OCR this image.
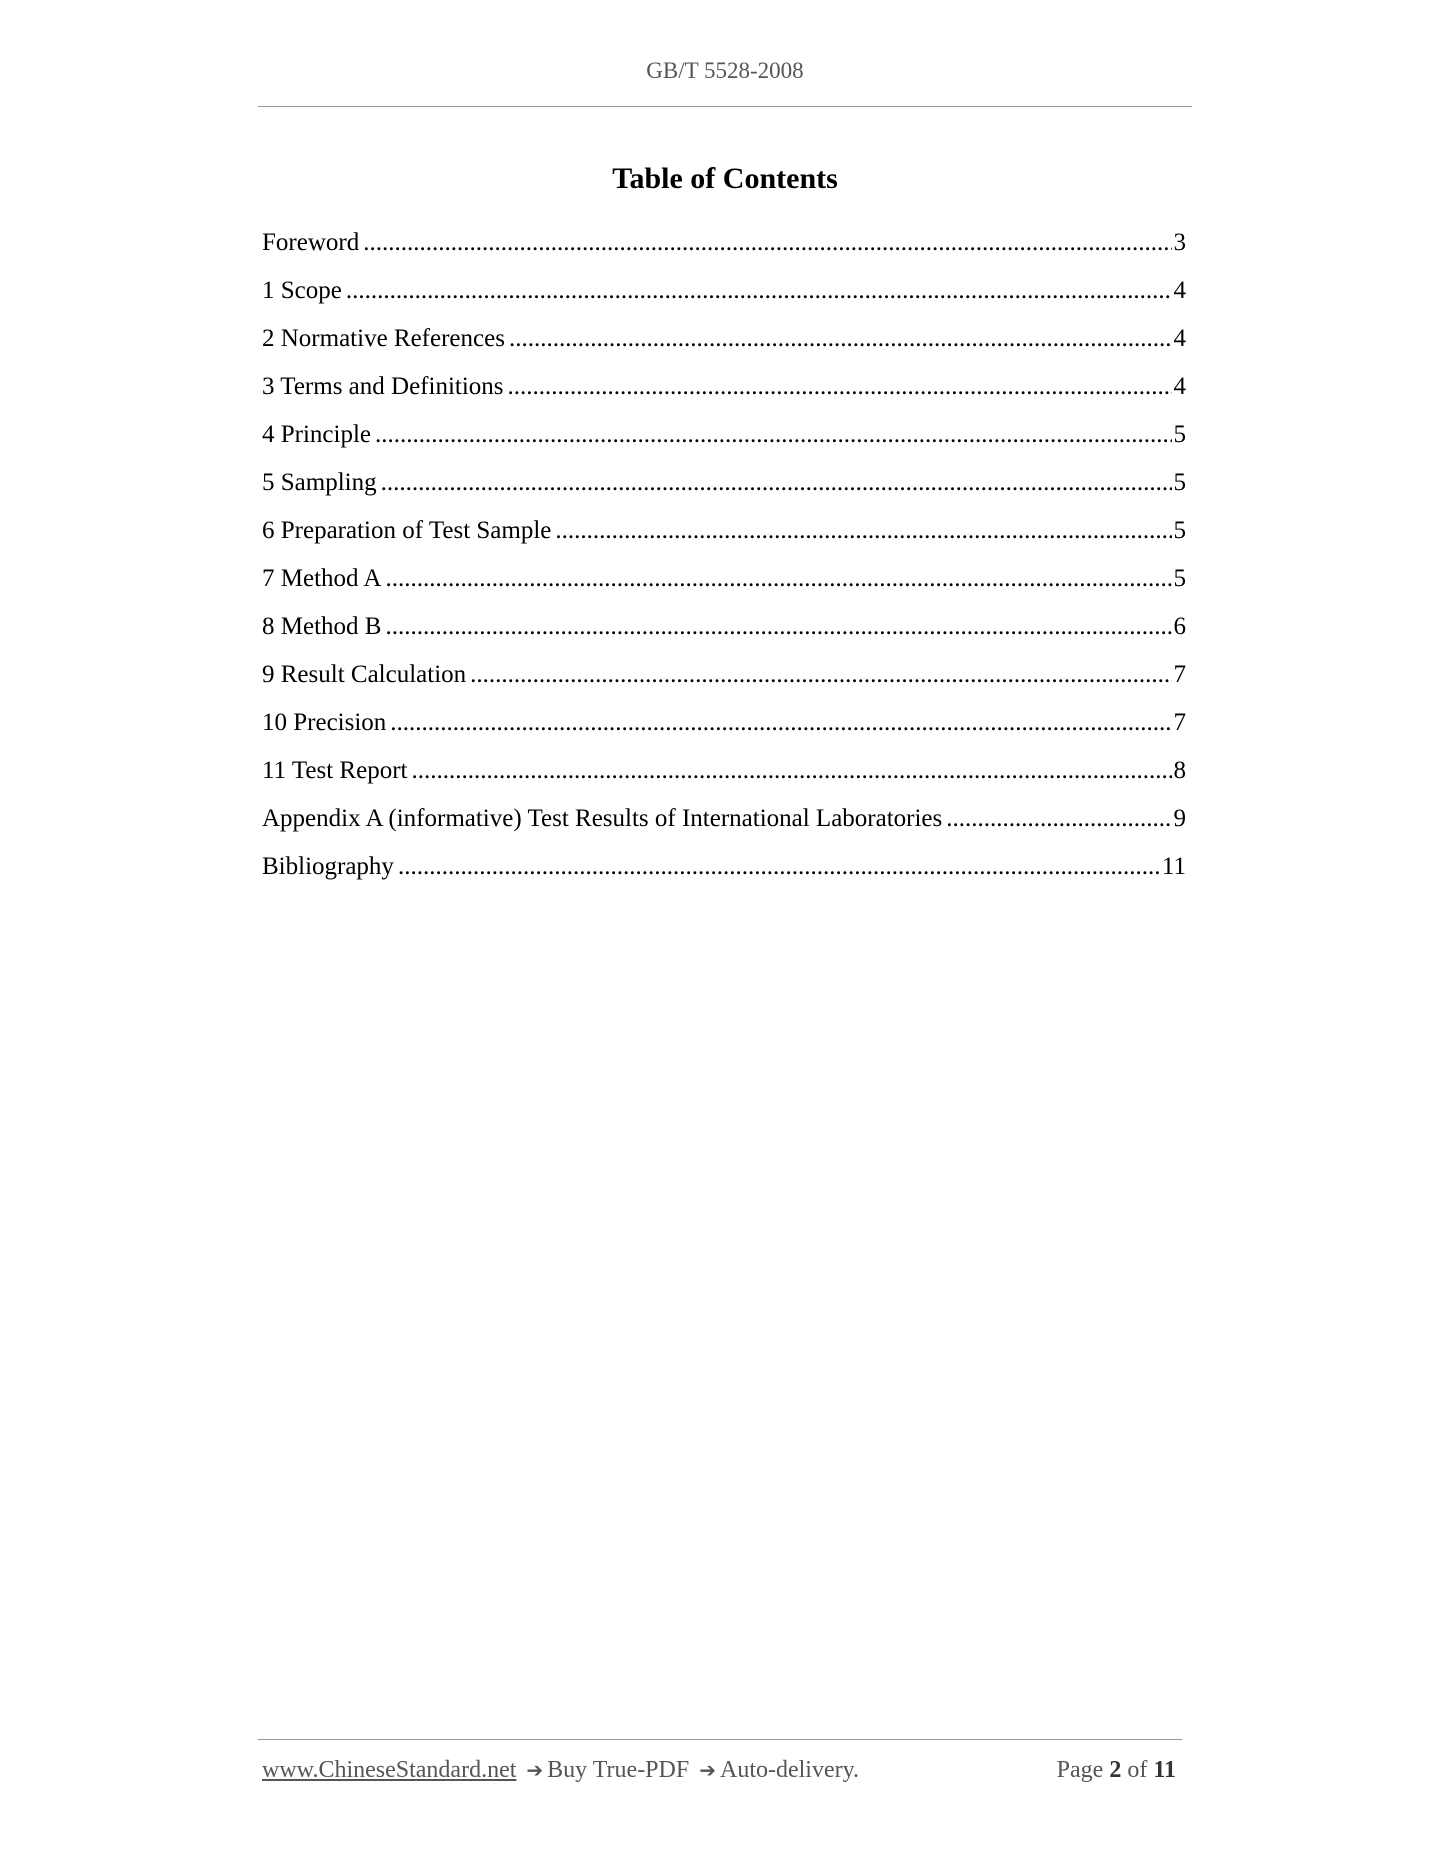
GB/T 5528-2008
Table of Contents
Foreword .....	3
1 Scope .....	4
2 Normative References .....	4
3 Terms and Definitions .....	4
4 Principle .....	5
5 Sampling .....	5
6 Preparation of Test Sample .....	5
7 Method A .....	5
8 Method B .....	6
9 Result Calculation .....	7
10 Precision .....	7
11 Test Report .....	8
Appendix A (informative) Test Results of International Laboratories .....	9
Bibliography .....	11
www.ChineseStandard.net ➔ Buy True-PDF ➔ Auto-delivery.	Page 2 of 11
